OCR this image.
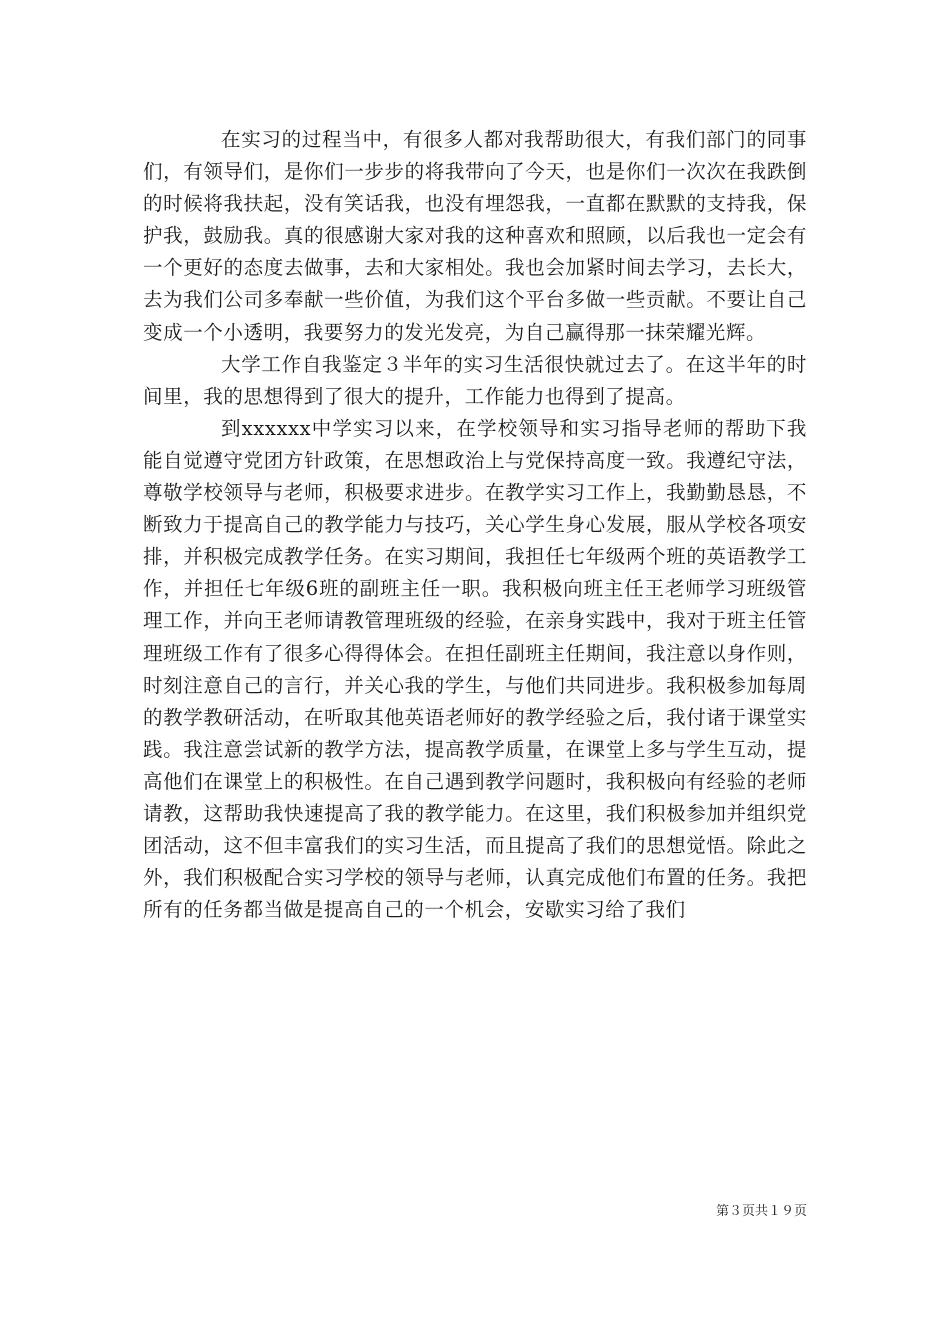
在实习的过程当中，有很多人都对我帮助很大，有我们部门的同事们，有领导们，是你们一步步的将我带向了今天，也是你们一次次在我跌倒的时候将我扶起，没有笑话我，也没有埋怨我，一直都在默默的支持我，保护我，鼓励我。真的很感谢大家对我的这种喜欢和照顾，以后我也一定会有一个更好的态度去做事，去和大家相处。我也会加紧时间去学习，去长大，去为我们公司多奉献一些价值，为我们这个平台多做一些贡献。不要让自己变成一个小透明，我要努力的发光发亮，为自己赢得那一抹荣耀光辉。

大学工作自我鉴定３半年的实习生活很快就过去了。在这半年的时间里，我的思想得到了很大的提升，工作能力也得到了提高。

到xxxxxx中学实习以来，在学校领导和实习指导老师的帮助下我能自觉遵守党团方针政策，在思想政治上与党保持高度一致。我遵纪守法，尊敬学校领导与老师，积极要求进步。在教学实习工作上，我勤勤恳恳，不断致力于提高自己的教学能力与技巧，关心学生身心发展，服从学校各项安排，并积极完成教学任务。在实习期间，我担任七年级两个班的英语教学工作，并担任七年级6班的副班主任一职。我积极向班主任王老师学习班级管理工作，并向王老师请教管理班级的经验，在亲身实践中，我对于班主任管理班级工作有了很多心得得体会。在担任副班主任期间，我注意以身作则，时刻注意自己的言行，并关心我的学生，与他们共同进步。我积极参加每周的教学教研活动，在听取其他英语老师好的教学经验之后，我付诸于课堂实践。我注意尝试新的教学方法，提高教学质量，在课堂上多与学生互动，提高他们在课堂上的积极性。在自己遇到教学问题时，我积极向有经验的老师请教，这帮助我快速提高了我的教学能力。在这里，我们积极参加并组织党团活动，这不但丰富我们的实习生活，而且提高了我们的思想觉悟。除此之外，我们积极配合实习学校的领导与老师，认真完成他们布置的任务。我把所有的任务都当做是提高自己的一个机会，安歇实习给了我们

第３页共１９页
